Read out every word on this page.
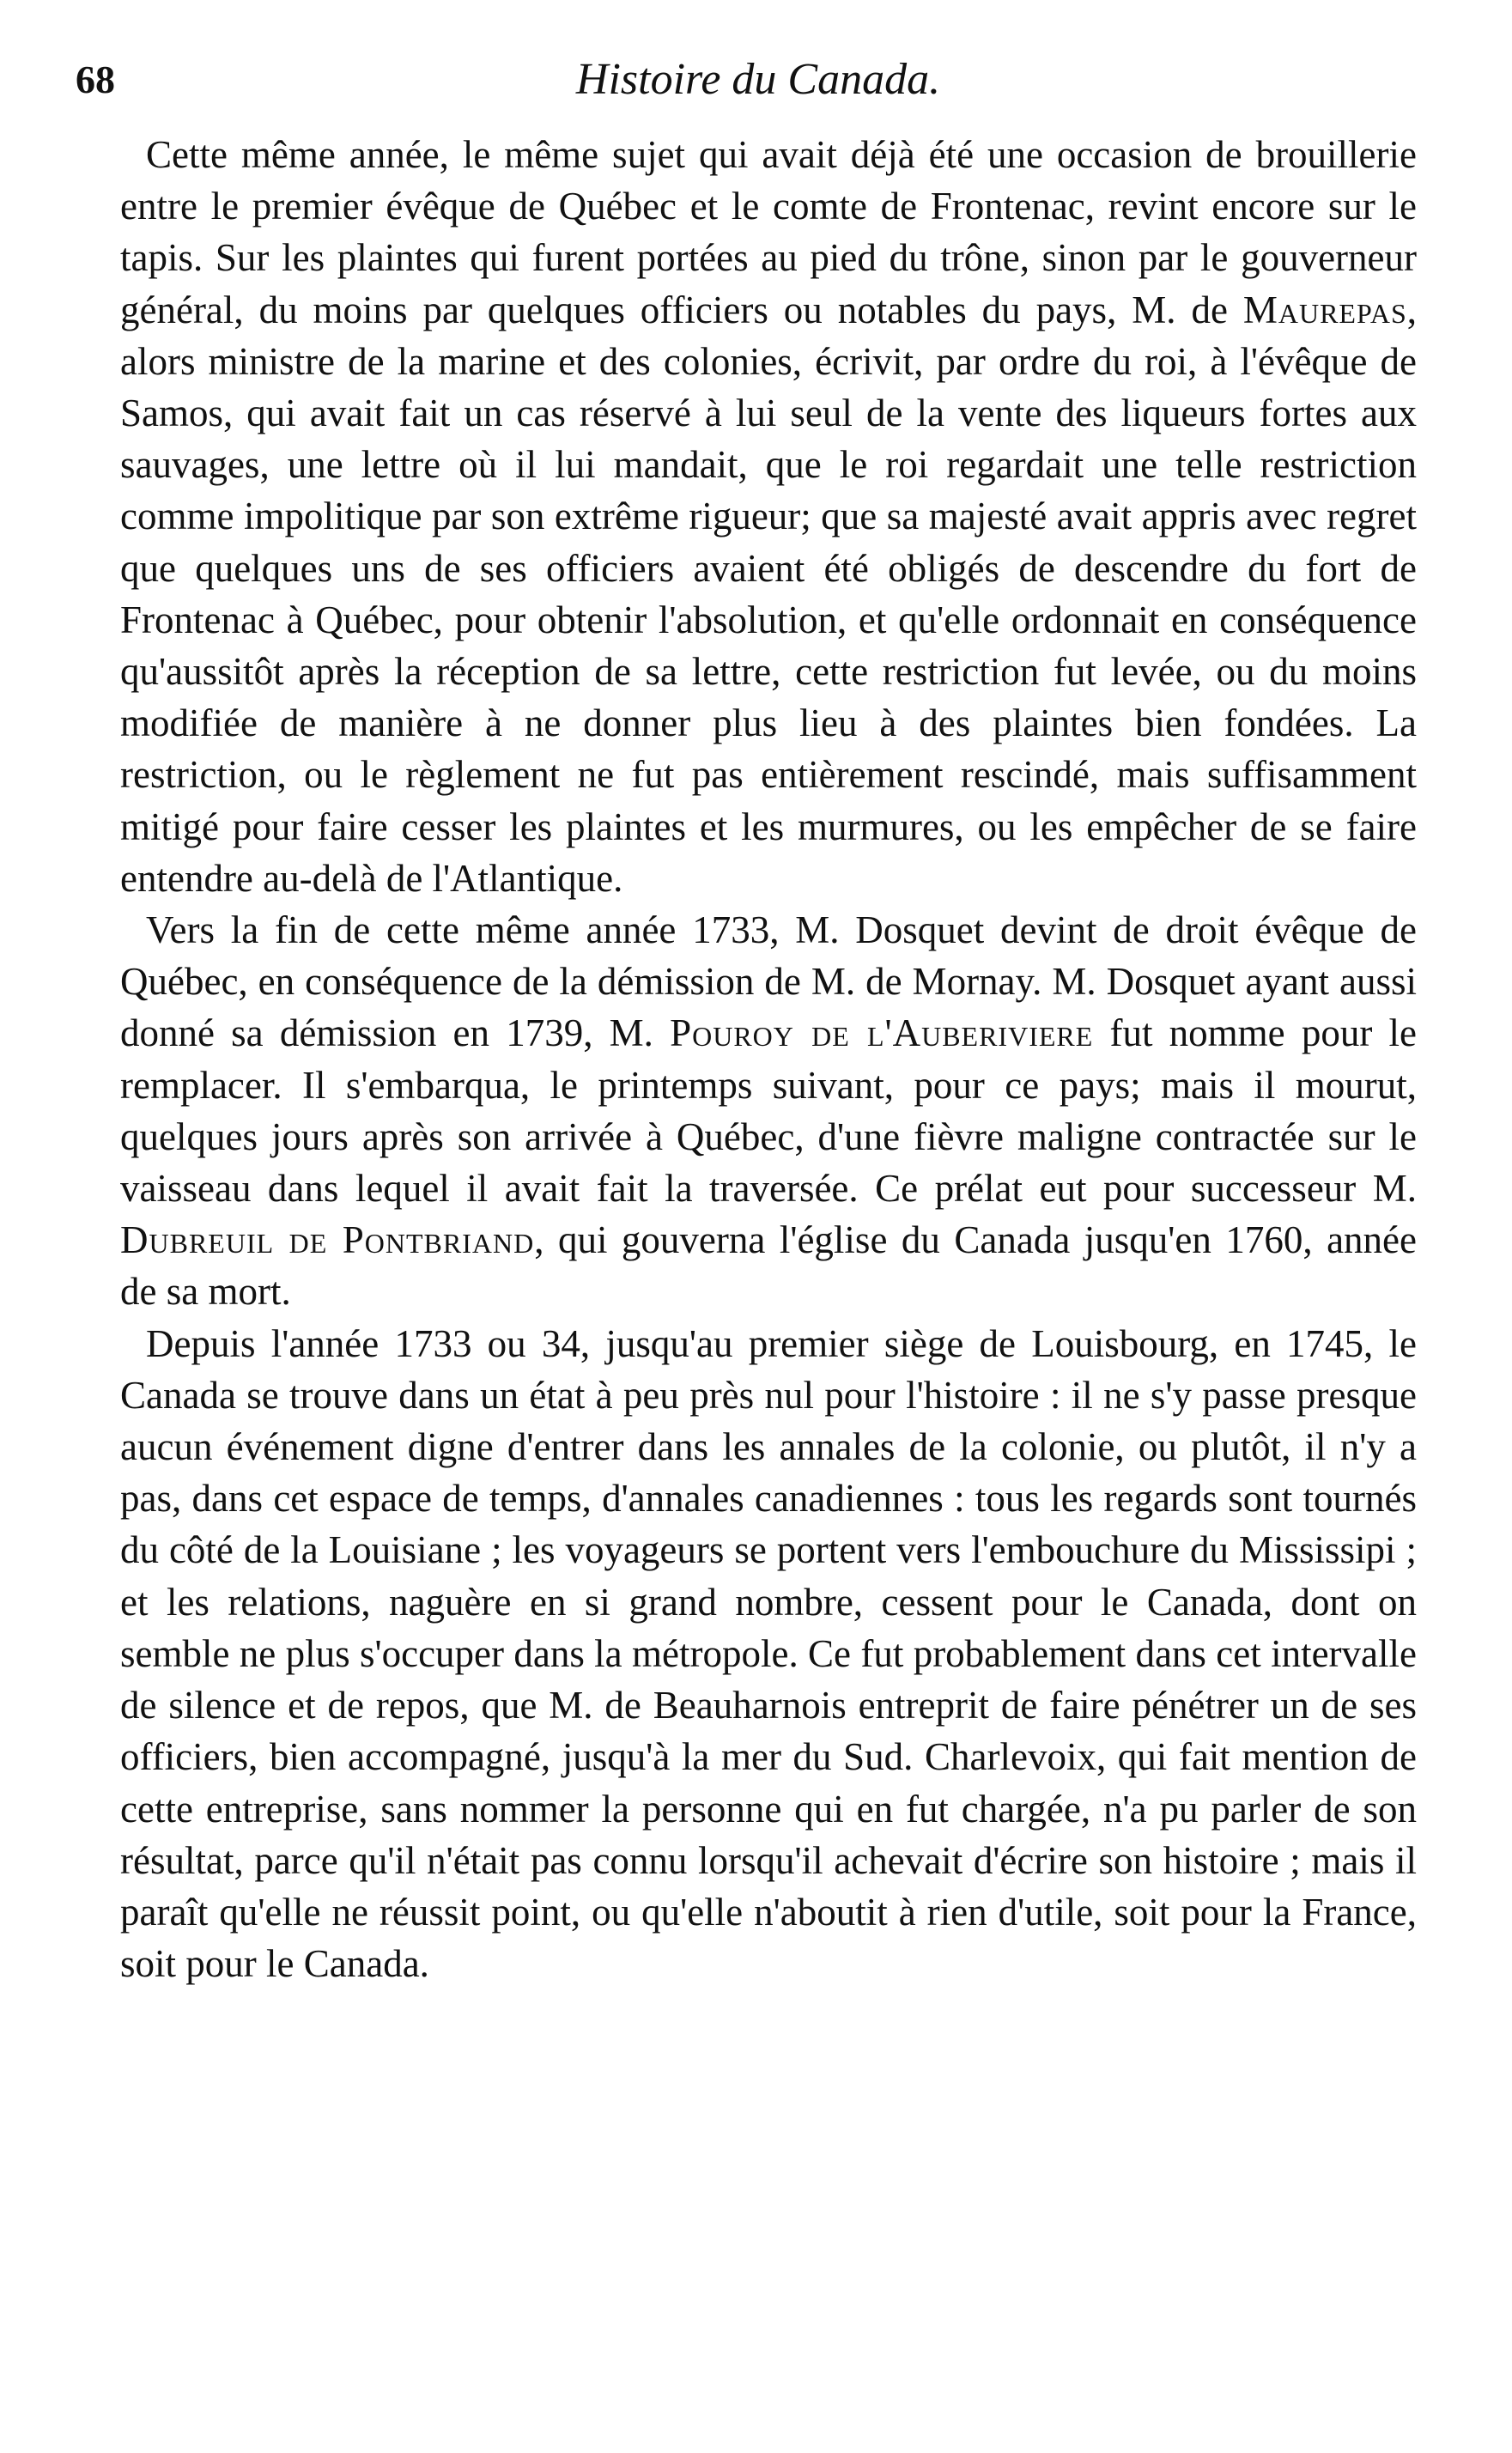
68	Histoire du Canada.

Cette même année, le même sujet qui avait déjà été une occasion de brouillerie entre le premier évêque de Québec et le comte de Frontenac, revint encore sur le tapis. Sur les plaintes qui furent portées au pied du trône, sinon par le gouverneur général, du moins par quelques officiers ou notables du pays, M. de Maurepas, alors ministre de la marine et des colonies, écrivit, par ordre du roi, à l'évêque de Samos, qui avait fait un cas réservé à lui seul de la vente des liqueurs fortes aux sauvages, une lettre où il lui mandait, que le roi regardait une telle restriction comme impolitique par son extrême rigueur; que sa majesté avait appris avec regret que quelques uns de ses officiers avaient été obligés de descendre du fort de Frontenac à Québec, pour obtenir l'absolution, et qu'elle ordonnait en conséquence qu'aussitôt après la réception de sa lettre, cette restriction fut levée, ou du moins modifiée de manière à ne donner plus lieu à des plaintes bien fondées. La restriction, ou le règlement ne fut pas entièrement rescindé, mais suffisamment mitigé pour faire cesser les plaintes et les murmures, ou les empêcher de se faire entendre au-delà de l'Atlantique.

Vers la fin de cette même année 1733, M. Dosquet devint de droit évêque de Québec, en conséquence de la démission de M. de Mornay. M. Dosquet ayant aussi donné sa démission en 1739, M. Pouroy de l'Auberiviere fut nomme pour le remplacer. Il s'embarqua, le printemps suivant, pour ce pays; mais il mourut, quelques jours après son arrivée à Québec, d'une fièvre maligne contractée sur le vaisseau dans lequel il avait fait la traversée. Ce prélat eut pour successeur M. Dubreuil de Pontbriand, qui gouverna l'église du Canada jusqu'en 1760, année de sa mort.

Depuis l'année 1733 ou 34, jusqu'au premier siège de Louisbourg, en 1745, le Canada se trouve dans un état à peu près nul pour l'histoire : il ne s'y passe presque aucun événement digne d'entrer dans les annales de la colonie, ou plutôt, il n'y a pas, dans cet espace de temps, d'annales canadiennes : tous les regards sont tournés du côté de la Louisiane ; les voyageurs se portent vers l'embouchure du Mississipi ; et les relations, naguère en si grand nombre, cessent pour le Canada, dont on semble ne plus s'occuper dans la métropole. Ce fut probablement dans cet intervalle de silence et de repos, que M. de Beauharnois entreprit de faire pénétrer un de ses officiers, bien accompagné, jusqu'à la mer du Sud. Charlevoix, qui fait mention de cette entreprise, sans nommer la personne qui en fut chargée, n'a pu parler de son résultat, parce qu'il n'était pas connu lorsqu'il achevait d'écrire son histoire ; mais il paraît qu'elle ne réussit point, ou qu'elle n'aboutit à rien d'utile, soit pour la France, soit pour le Canada.
